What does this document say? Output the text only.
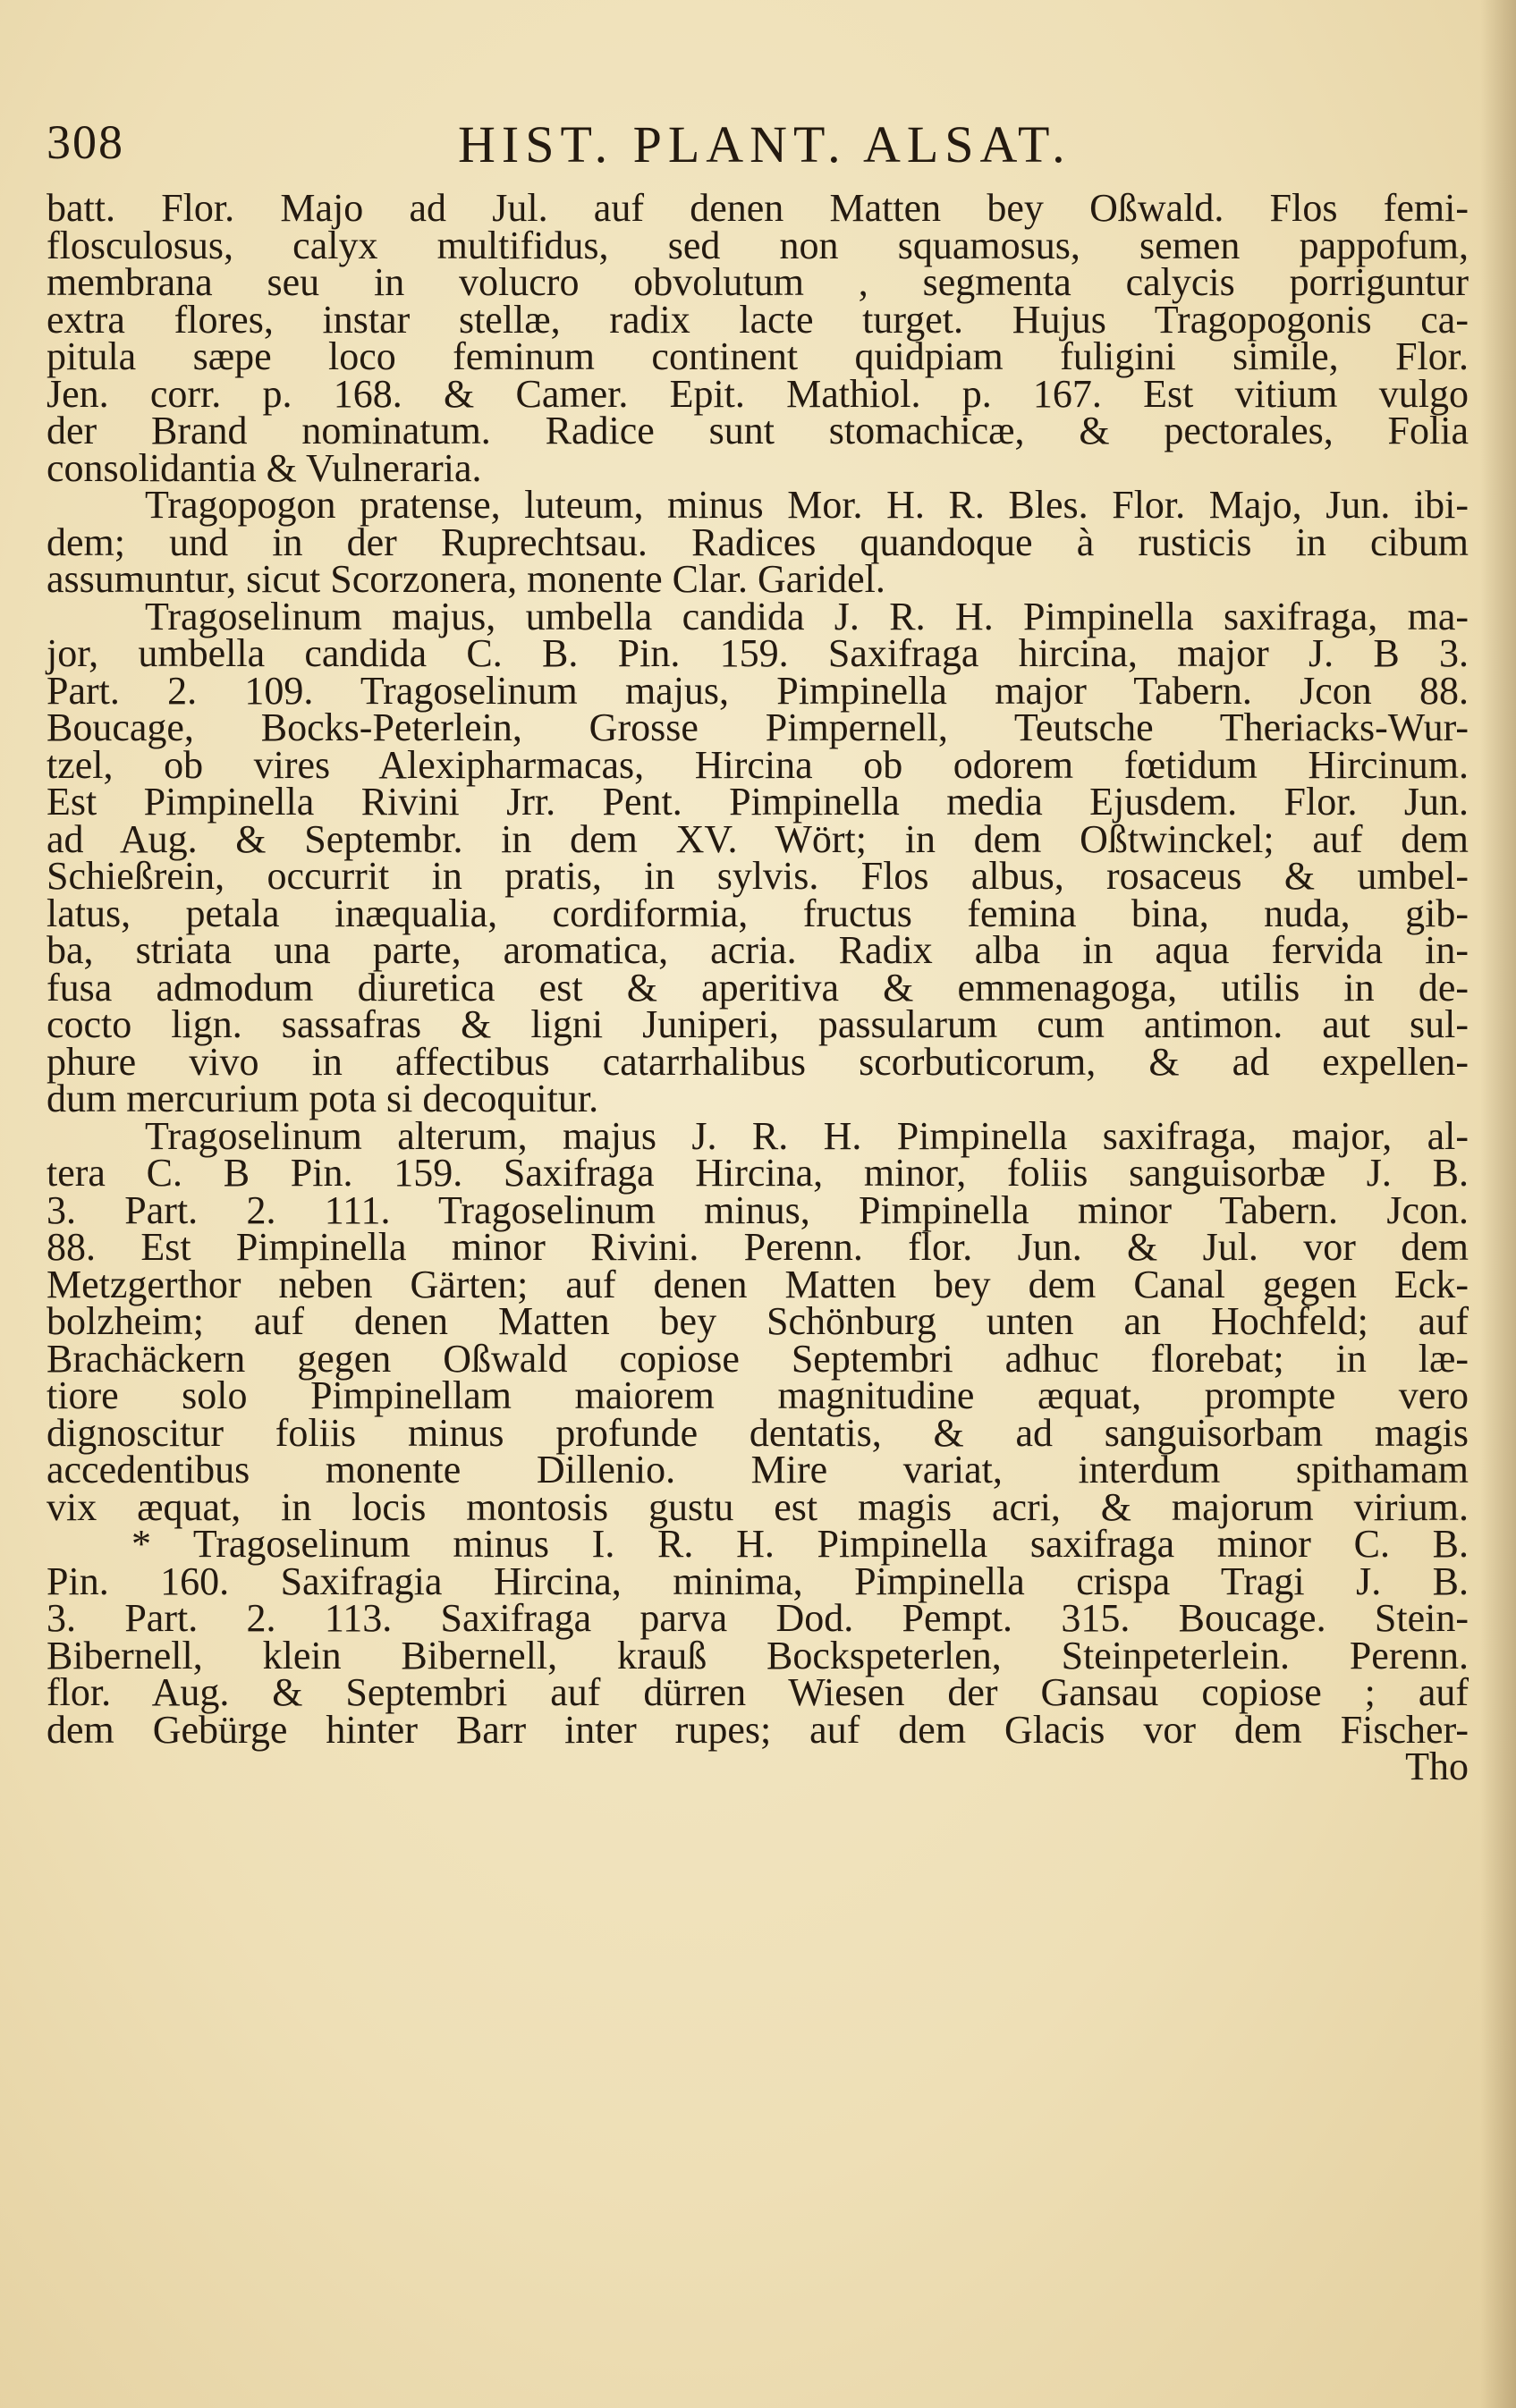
308	HIST. PLANT. ALSAT.
batt. Flor. Majo ad Jul. auf denen Matten bey Oßwald. Flos femi-
flosculosus, calyx multifidus, sed non squamosus, semen pappofum,
membrana seu in volucro obvolutum , segmenta calycis porriguntur
extra flores, instar stellæ, radix lacte turget. Hujus Tragopogonis ca-
pitula sæpe loco feminum continent quidpiam fuligini simile, Flor.
Jen. corr. p. 168. & Camer. Epit. Mathiol. p. 167. Est vitium vulgo
der Brand nominatum. Radice sunt stomachicæ, & pectorales, Folia
consolidantia & Vulneraria.
Tragopogon pratense, luteum, minus Mor. H. R. Bles. Flor. Majo, Jun. ibi-
dem; und in der Ruprechtsau. Radices quandoque à rusticis in cibum
assumuntur, sicut Scorzonera, monente Clar. Garidel.
Tragoselinum majus, umbella candida J. R. H. Pimpinella saxifraga, ma-
jor, umbella candida C. B. Pin. 159. Saxifraga hircina, major J. B 3.
Part. 2. 109. Tragoselinum majus, Pimpinella major Tabern. Jcon 88.
Boucage, Bocks-Peterlein, Grosse Pimpernell, Teutsche Theriacks-Wur-
tzel, ob vires Alexipharmacas, Hircina ob odorem fœtidum Hircinum.
Est Pimpinella Rivini Jrr. Pent. Pimpinella media Ejusdem. Flor. Jun.
ad Aug. & Septembr. in dem XV. Wört; in dem Oßtwinckel; auf dem
Schießrein, occurrit in pratis, in sylvis. Flos albus, rosaceus & umbel-
latus, petala inæqualia, cordiformia, fructus femina bina, nuda, gib-
ba, striata una parte, aromatica, acria. Radix alba in aqua fervida in-
fusa admodum diuretica est & aperitiva & emmenagoga, utilis in de-
cocto lign. sassafras & ligni Juniperi, passularum cum antimon. aut sul-
phure vivo in affectibus catarrhalibus scorbuticorum, & ad expellen-
dum mercurium pota si decoquitur.
Tragoselinum alterum, majus J. R. H. Pimpinella saxifraga, major, al-
tera C. B Pin. 159. Saxifraga Hircina, minor, foliis sanguisorbæ J. B.
3. Part. 2. 111. Tragoselinum minus, Pimpinella minor Tabern. Jcon.
88. Est Pimpinella minor Rivini. Perenn. flor. Jun. & Jul. vor dem
Metzgerthor neben Gärten; auf denen Matten bey dem Canal gegen Eck-
bolzheim; auf denen Matten bey Schönburg unten an Hochfeld; auf
Brachäckern gegen Oßwald copiose Septembri adhuc florebat; in læ-
tiore solo Pimpinellam maiorem magnitudine æquat, prompte vero
dignoscitur foliis minus profunde dentatis, & ad sanguisorbam magis
accedentibus monente Dillenio. Mire variat, interdum spithamam
vix æquat, in locis montosis gustu est magis acri, & majorum virium.
* Tragoselinum minus I. R. H. Pimpinella saxifraga minor C. B.
Pin. 160. Saxifragia Hircina, minima, Pimpinella crispa Tragi J. B.
3. Part. 2. 113. Saxifraga parva Dod. Pempt. 315. Boucage. Stein-
Bibernell, klein Bibernell, krauß Bockspeterlen, Steinpeterlein. Perenn.
flor. Aug. & Septembri auf dürren Wiesen der Gansau copiose ; auf
dem Gebürge hinter Barr inter rupes; auf dem Glacis vor dem Fischer-
Tho
